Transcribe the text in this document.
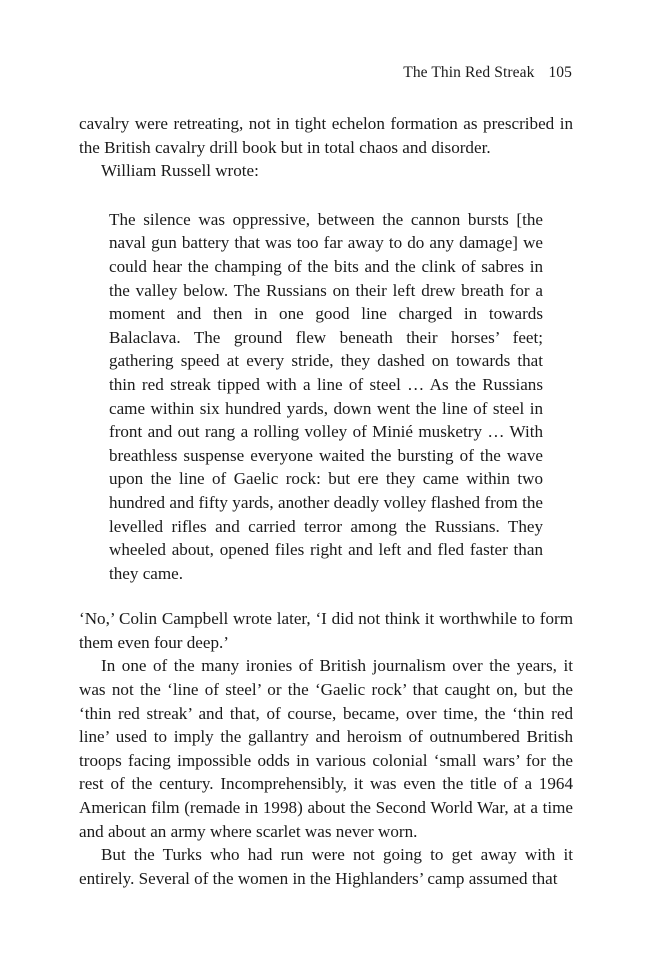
The Thin Red Streak 105

cavalry were retreating, not in tight echelon formation as prescribed in the British cavalry drill book but in total chaos and disorder.

William Russell wrote:

The silence was oppressive, between the cannon bursts [the naval gun battery that was too far away to do any damage] we could hear the champing of the bits and the clink of sabres in the valley below. The Russians on their left drew breath for a moment and then in one good line charged in towards Balaclava. The ground flew beneath their horses’ feet; gathering speed at every stride, they dashed on towards that thin red streak tipped with a line of steel … As the Russians came within six hundred yards, down went the line of steel in front and out rang a rolling volley of Minié musketry … With breathless suspense everyone waited the bursting of the wave upon the line of Gaelic rock: but ere they came within two hundred and fifty yards, another deadly volley flashed from the levelled rifles and carried terror among the Russians. They wheeled about, opened files right and left and fled faster than they came.

‘No,’ Colin Campbell wrote later, ‘I did not think it worthwhile to form them even four deep.’

In one of the many ironies of British journalism over the years, it was not the ‘line of steel’ or the ‘Gaelic rock’ that caught on, but the ‘thin red streak’ and that, of course, became, over time, the ‘thin red line’ used to imply the gallantry and heroism of outnumbered British troops facing impossible odds in various colonial ‘small wars’ for the rest of the century. Incomprehensibly, it was even the title of a 1964 American film (remade in 1998) about the Second World War, at a time and about an army where scarlet was never worn.

But the Turks who had run were not going to get away with it entirely. Several of the women in the Highlanders’ camp assumed that
